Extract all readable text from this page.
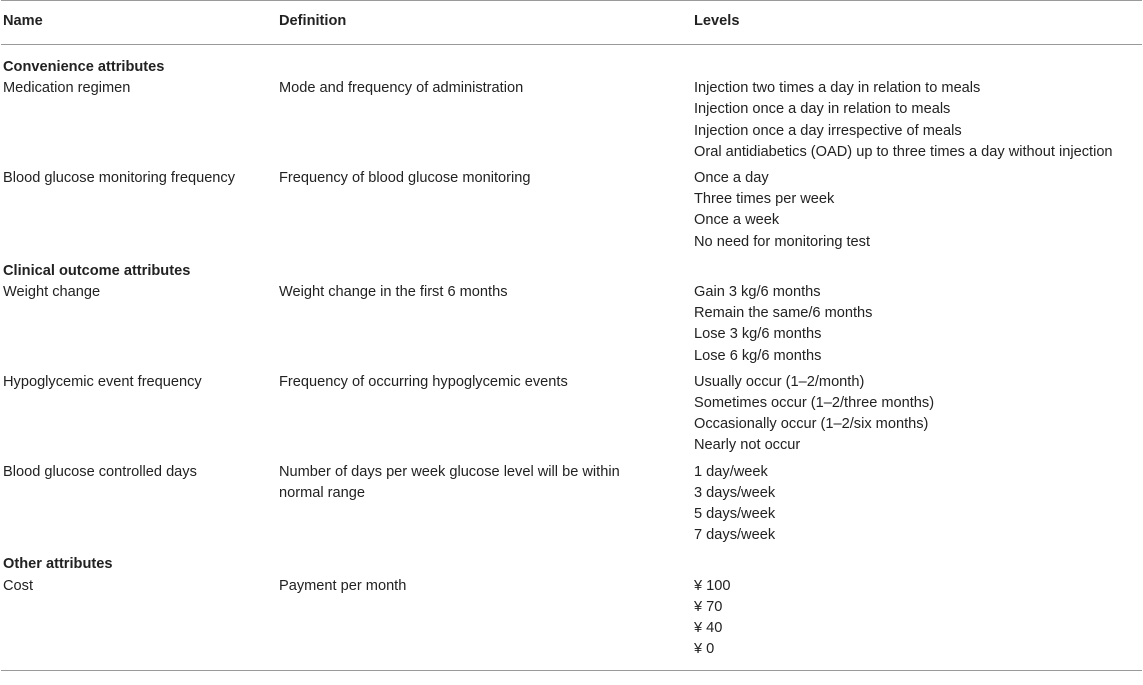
Name	Definition	Levels
Convenience attributes		
Medication regimen	Mode and frequency of administration	Injection two times a day in relation to meals
Injection once a day in relation to meals
Injection once a day irrespective of meals
Oral antidiabetics (OAD) up to three times a day without injection

Blood glucose monitoring frequency	Frequency of blood glucose monitoring	Once a day
Three times per week
Once a week
No need for monitoring test

Clinical outcome attributes		
Weight change	Weight change in the first 6 months	Gain 3 kg/6 months
Remain the same/6 months
Lose 3 kg/6 months
Lose 6 kg/6 months

Hypoglycemic event frequency	Frequency of occurring hypoglycemic events	Usually occur (1–2/month)
Sometimes occur (1–2/three months)
Occasionally occur (1–2/six months)
Nearly not occur

Blood glucose controlled days	Number of days per week glucose level will be within normal range	1 day/week
3 days/week
5 days/week
7 days/week

Other attributes		
Cost	Payment per month	¥ 100
¥ 70
¥ 40
¥ 0
